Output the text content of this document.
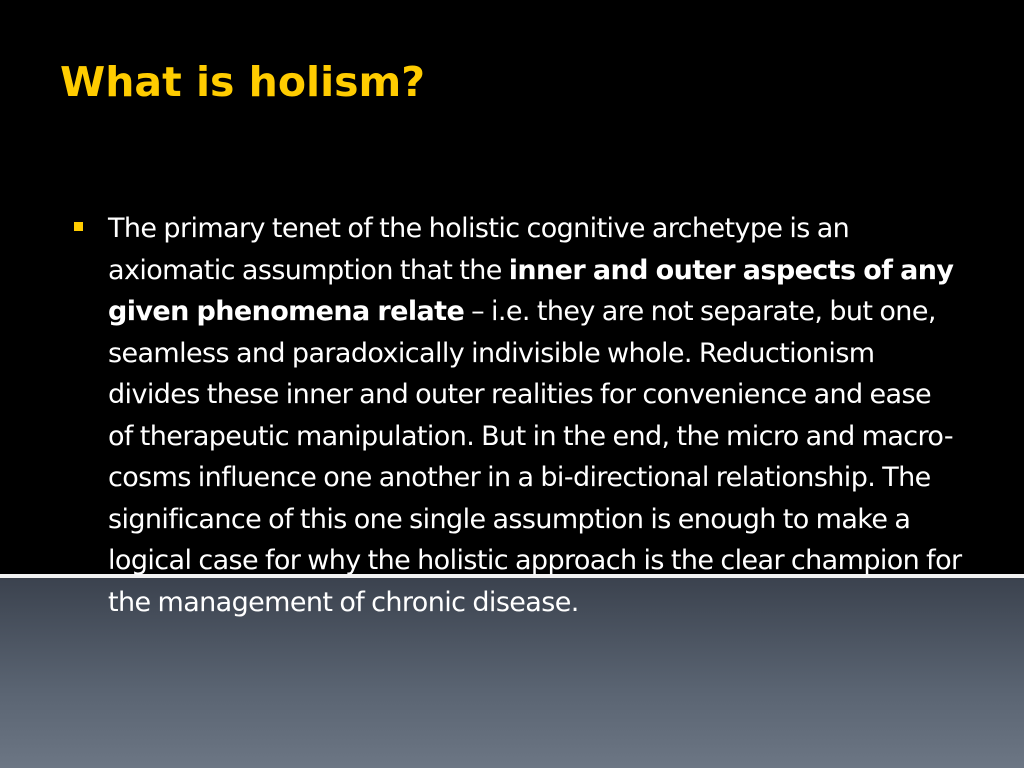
What is holism?

The primary tenet of the holistic cognitive archetype is an axiomatic assumption that the inner and outer aspects of any given phenomena relate – i.e. they are not separate, but one, seamless and paradoxically indivisible whole. Reductionism divides these inner and outer realities for convenience and ease of therapeutic manipulation. But in the end, the micro and macro-cosms influence one another in a bi-directional relationship. The significance of this one single assumption is enough to make a logical case for why the holistic approach is the clear champion for the management of chronic disease.
